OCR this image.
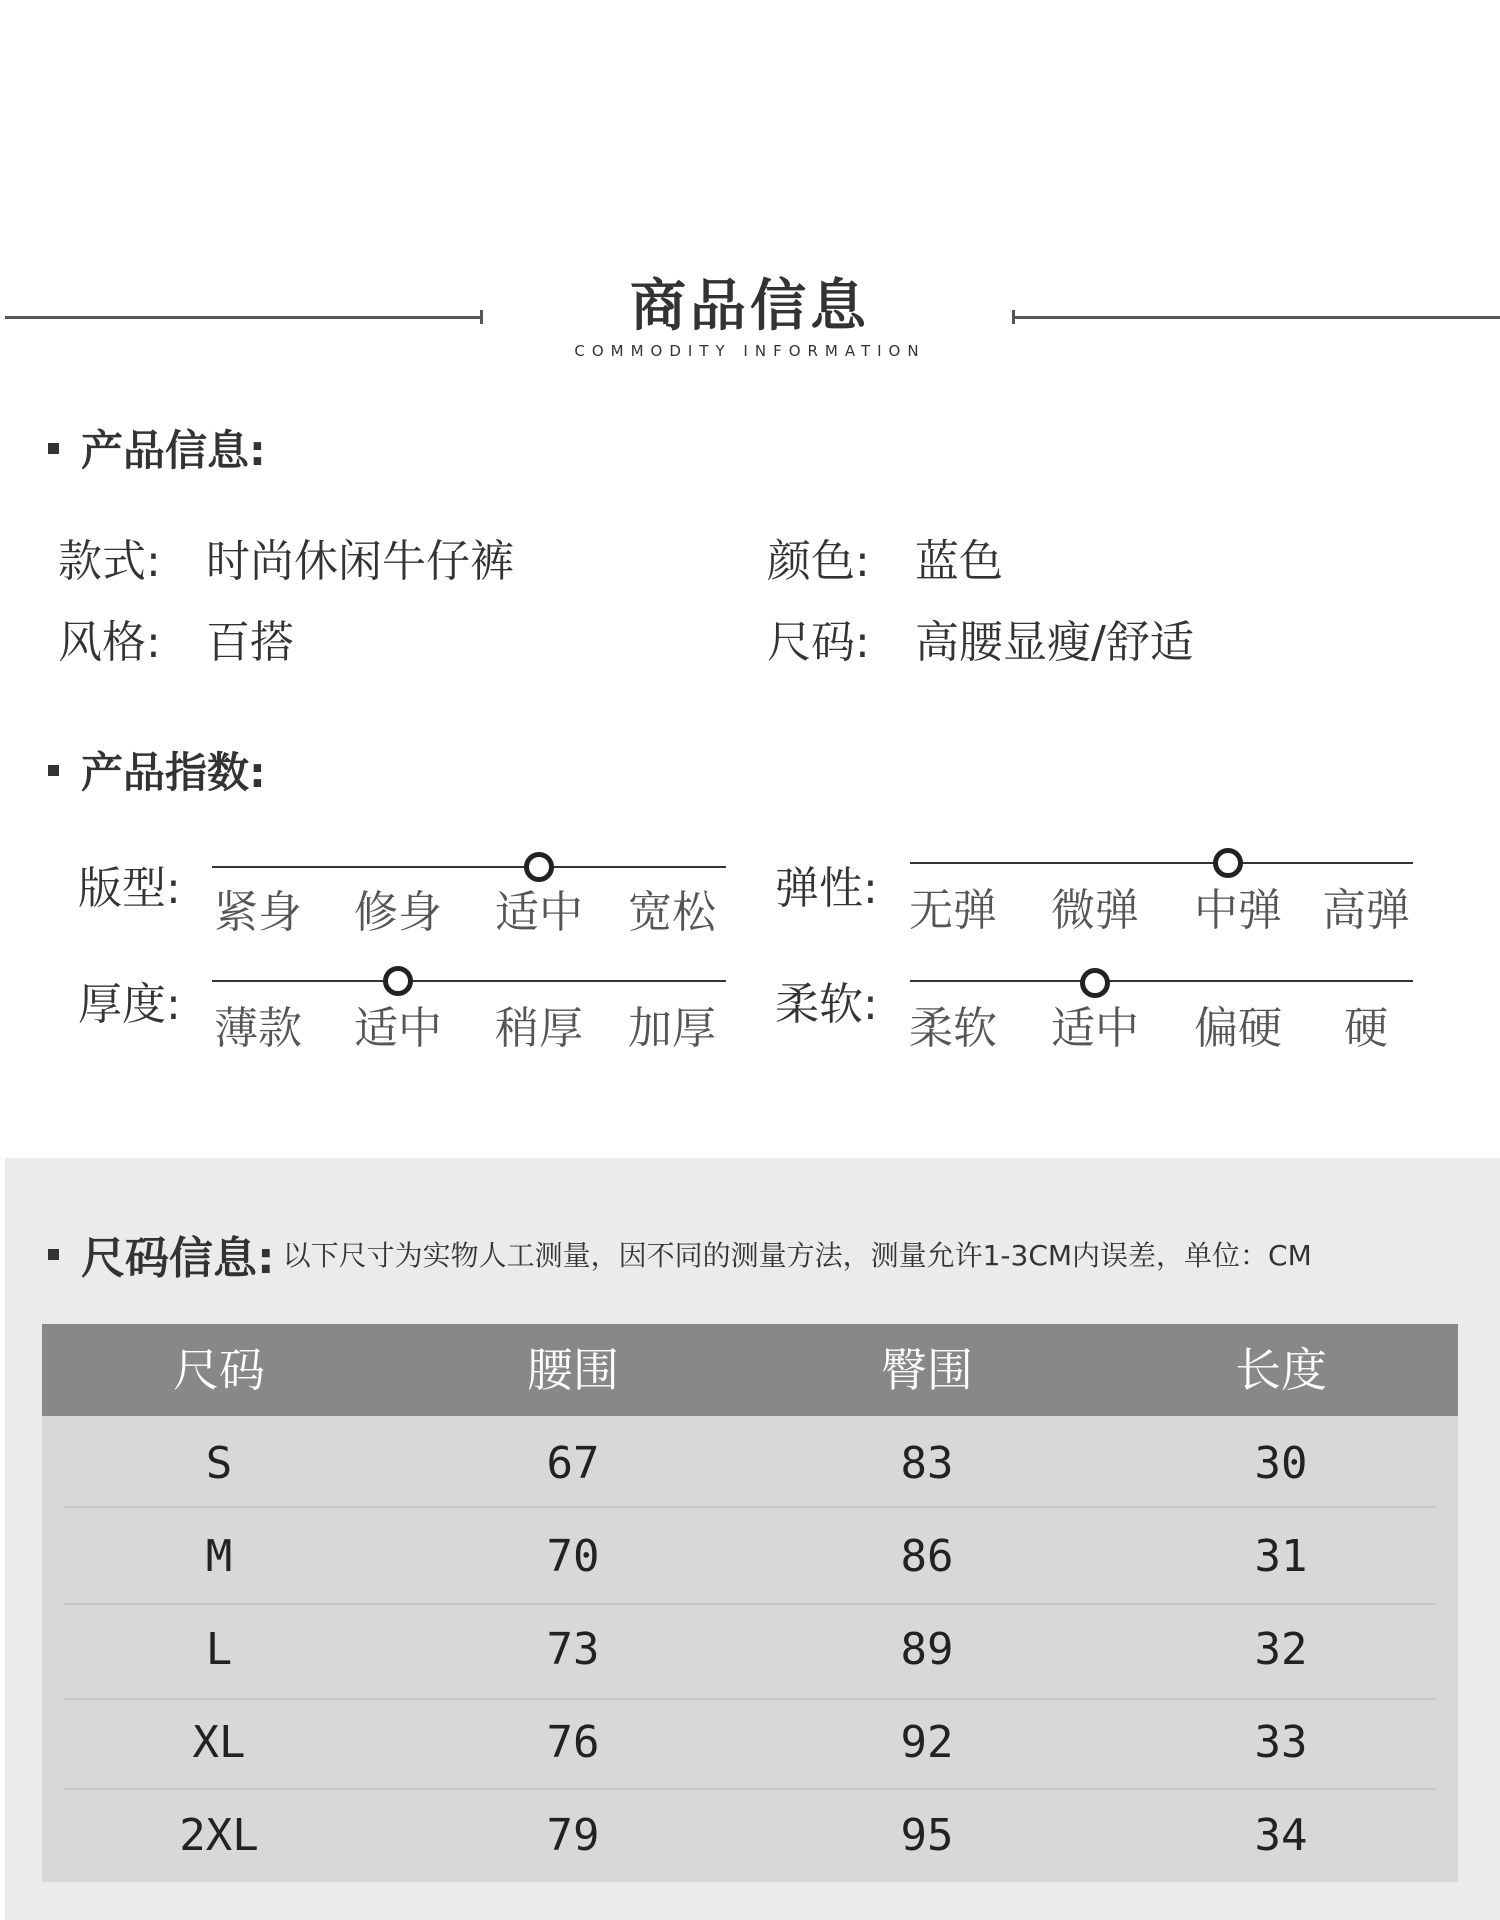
商品信息
COMMODITY INFORMATION
产品信息:
款式: 时尚休闲牛仔裤	颜色: 蓝色
风格: 百搭	尺码: 高腰显瘦/舒适
产品指数:
版型: 紧身	修身	适中	宽松	弹性: 无弹	微弹	中弹 高弹
厚度: 薄款	适中	稍厚	加厚	柔软: 柔软	适中	偏硬	硬
尺码信息: 以下尺寸为实物人工测量，因不同的测量方法，测量允许1-3CM内误差，单位：CM
尺码	腰围	臀围	长度
S	67	83	30
M	70	86	31
L	73	89	32
XL	76	92	33
2XL	79	95	34
